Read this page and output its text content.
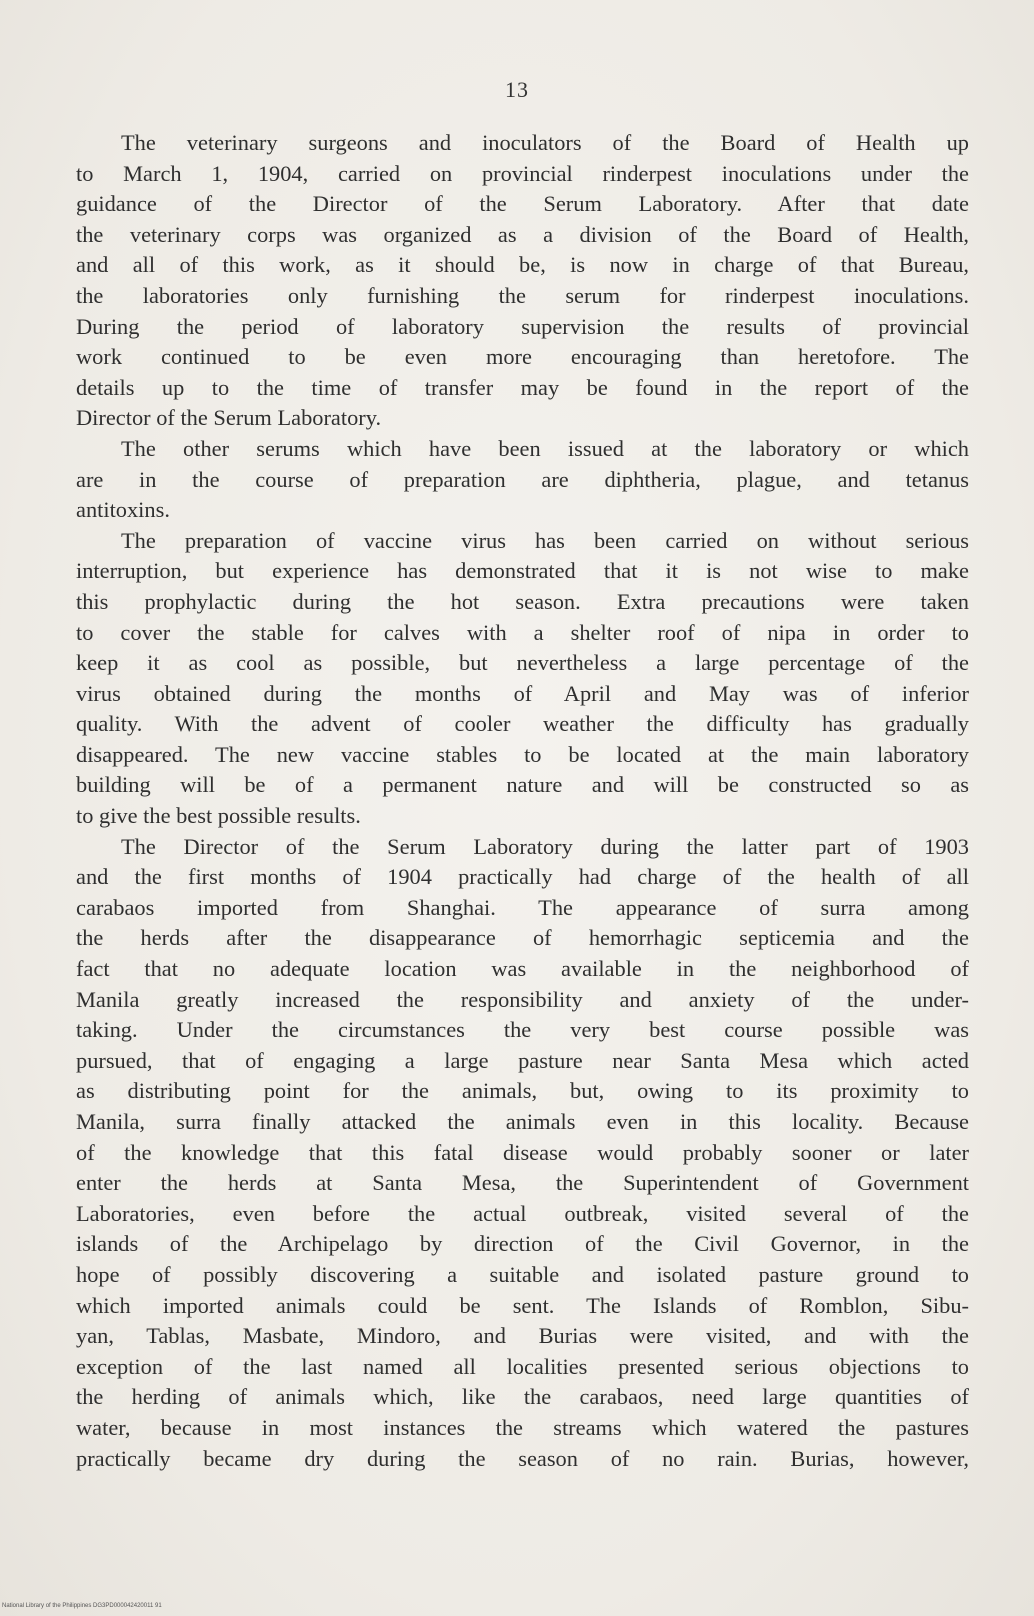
13
The veterinary surgeons and inoculators of the Board of Health up
to March 1, 1904, carried on provincial rinderpest inoculations under the
guidance of the Director of the Serum Laboratory. After that date
the veterinary corps was organized as a division of the Board of Health,
and all of this work, as it should be, is now in charge of that Bureau,
the laboratories only furnishing the serum for rinderpest inoculations.
During the period of laboratory supervision the results of provincial
work continued to be even more encouraging than heretofore. The
details up to the time of transfer may be found in the report of the
Director of the Serum Laboratory.
The other serums which have been issued at the laboratory or which
are in the course of preparation are diphtheria, plague, and tetanus
antitoxins.
The preparation of vaccine virus has been carried on without serious
interruption, but experience has demonstrated that it is not wise to make
this prophylactic during the hot season. Extra precautions were taken
to cover the stable for calves with a shelter roof of nipa in order to
keep it as cool as possible, but nevertheless a large percentage of the
virus obtained during the months of April and May was of inferior
quality. With the advent of cooler weather the difficulty has gradually
disappeared. The new vaccine stables to be located at the main laboratory
building will be of a permanent nature and will be constructed so as
to give the best possible results.
The Director of the Serum Laboratory during the latter part of 1903
and the first months of 1904 practically had charge of the health of all
carabaos imported from Shanghai. The appearance of surra among
the herds after the disappearance of hemorrhagic septicemia and the
fact that no adequate location was available in the neighborhood of
Manila greatly increased the responsibility and anxiety of the under-
taking. Under the circumstances the very best course possible was
pursued, that of engaging a large pasture near Santa Mesa which acted
as distributing point for the animals, but, owing to its proximity to
Manila, surra finally attacked the animals even in this locality. Because
of the knowledge that this fatal disease would probably sooner or later
enter the herds at Santa Mesa, the Superintendent of Government
Laboratories, even before the actual outbreak, visited several of the
islands of the Archipelago by direction of the Civil Governor, in the
hope of possibly discovering a suitable and isolated pasture ground to
which imported animals could be sent. The Islands of Romblon, Sibu-
yan, Tablas, Masbate, Mindoro, and Burias were visited, and with the
exception of the last named all localities presented serious objections to
the herding of animals which, like the carabaos, need large quantities of
water, because in most instances the streams which watered the pastures
practically became dry during the season of no rain. Burias, however,
National Library of the Philippines DG3PD000042420011 91
